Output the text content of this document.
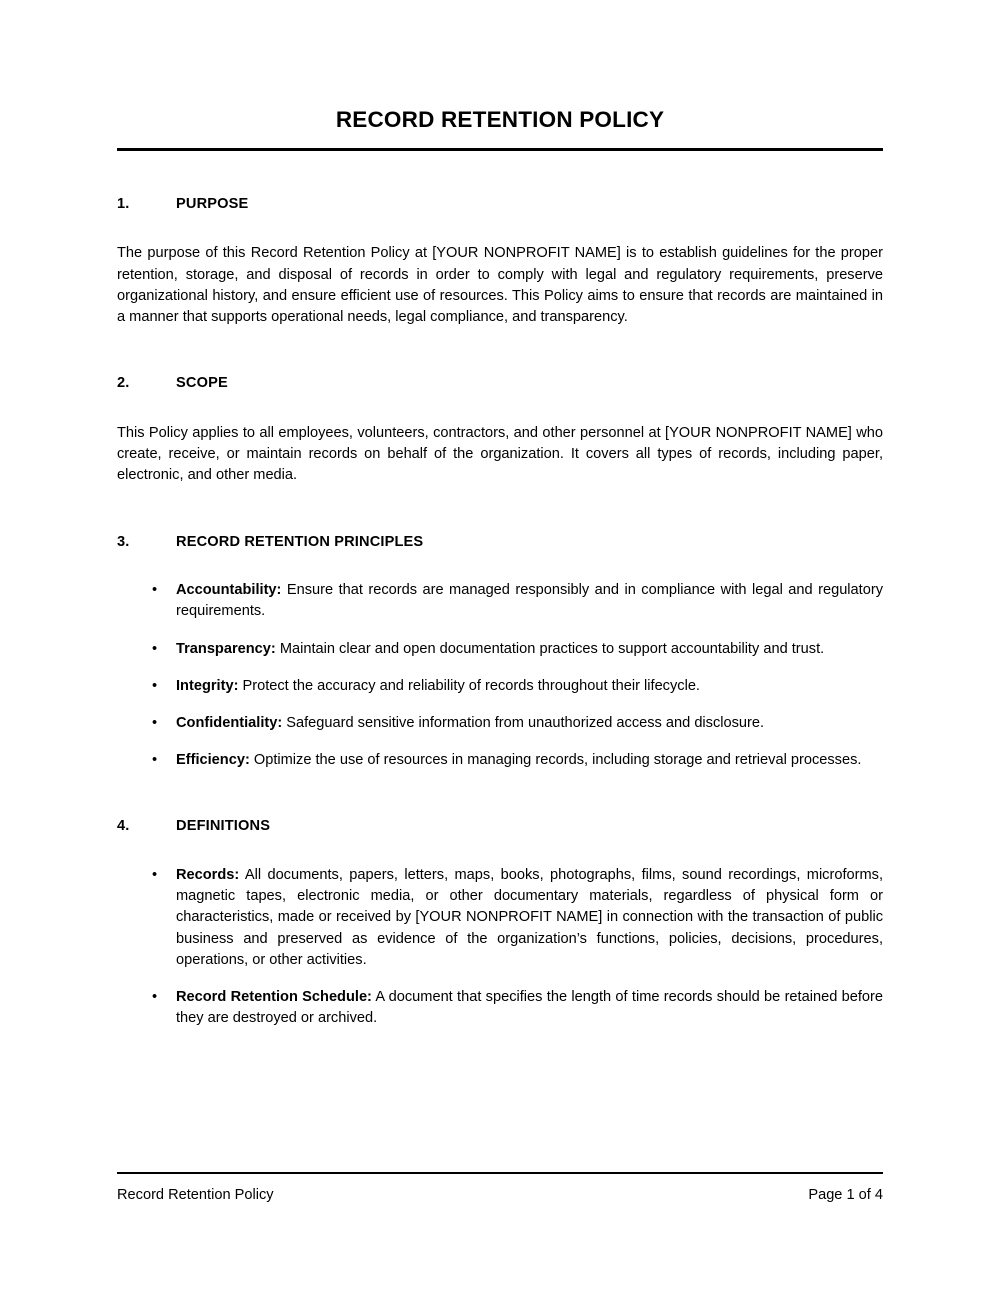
RECORD RETENTION POLICY
1.	PURPOSE

The purpose of this Record Retention Policy at [YOUR NONPROFIT NAME] is to establish guidelines for the proper retention, storage, and disposal of records in order to comply with legal and regulatory requirements, preserve organizational history, and ensure efficient use of resources. This Policy aims to ensure that records are maintained in a manner that supports operational needs, legal compliance, and transparency.

2.	SCOPE

This Policy applies to all employees, volunteers, contractors, and other personnel at [YOUR NONPROFIT NAME] who create, receive, or maintain records on behalf of the organization. It covers all types of records, including paper, electronic, and other media.

3.	RECORD RETENTION PRINCIPLES
• Accountability: Ensure that records are managed responsibly and in compliance with legal and regulatory requirements.
• Transparency: Maintain clear and open documentation practices to support accountability and trust.
• Integrity: Protect the accuracy and reliability of records throughout their lifecycle.
• Confidentiality: Safeguard sensitive information from unauthorized access and disclosure.
• Efficiency: Optimize the use of resources in managing records, including storage and retrieval processes.
4.	DEFINITIONS
• Records: All documents, papers, letters, maps, books, photographs, films, sound recordings, microforms, magnetic tapes, electronic media, or other documentary materials, regardless of physical form or characteristics, made or received by [YOUR NONPROFIT NAME] in connection with the transaction of public business and preserved as evidence of the organization’s functions, policies, decisions, procedures, operations, or other activities.
• Record Retention Schedule: A document that specifies the length of time records should be retained before they are destroyed or archived.
Record Retention Policy	Page 1 of 4
